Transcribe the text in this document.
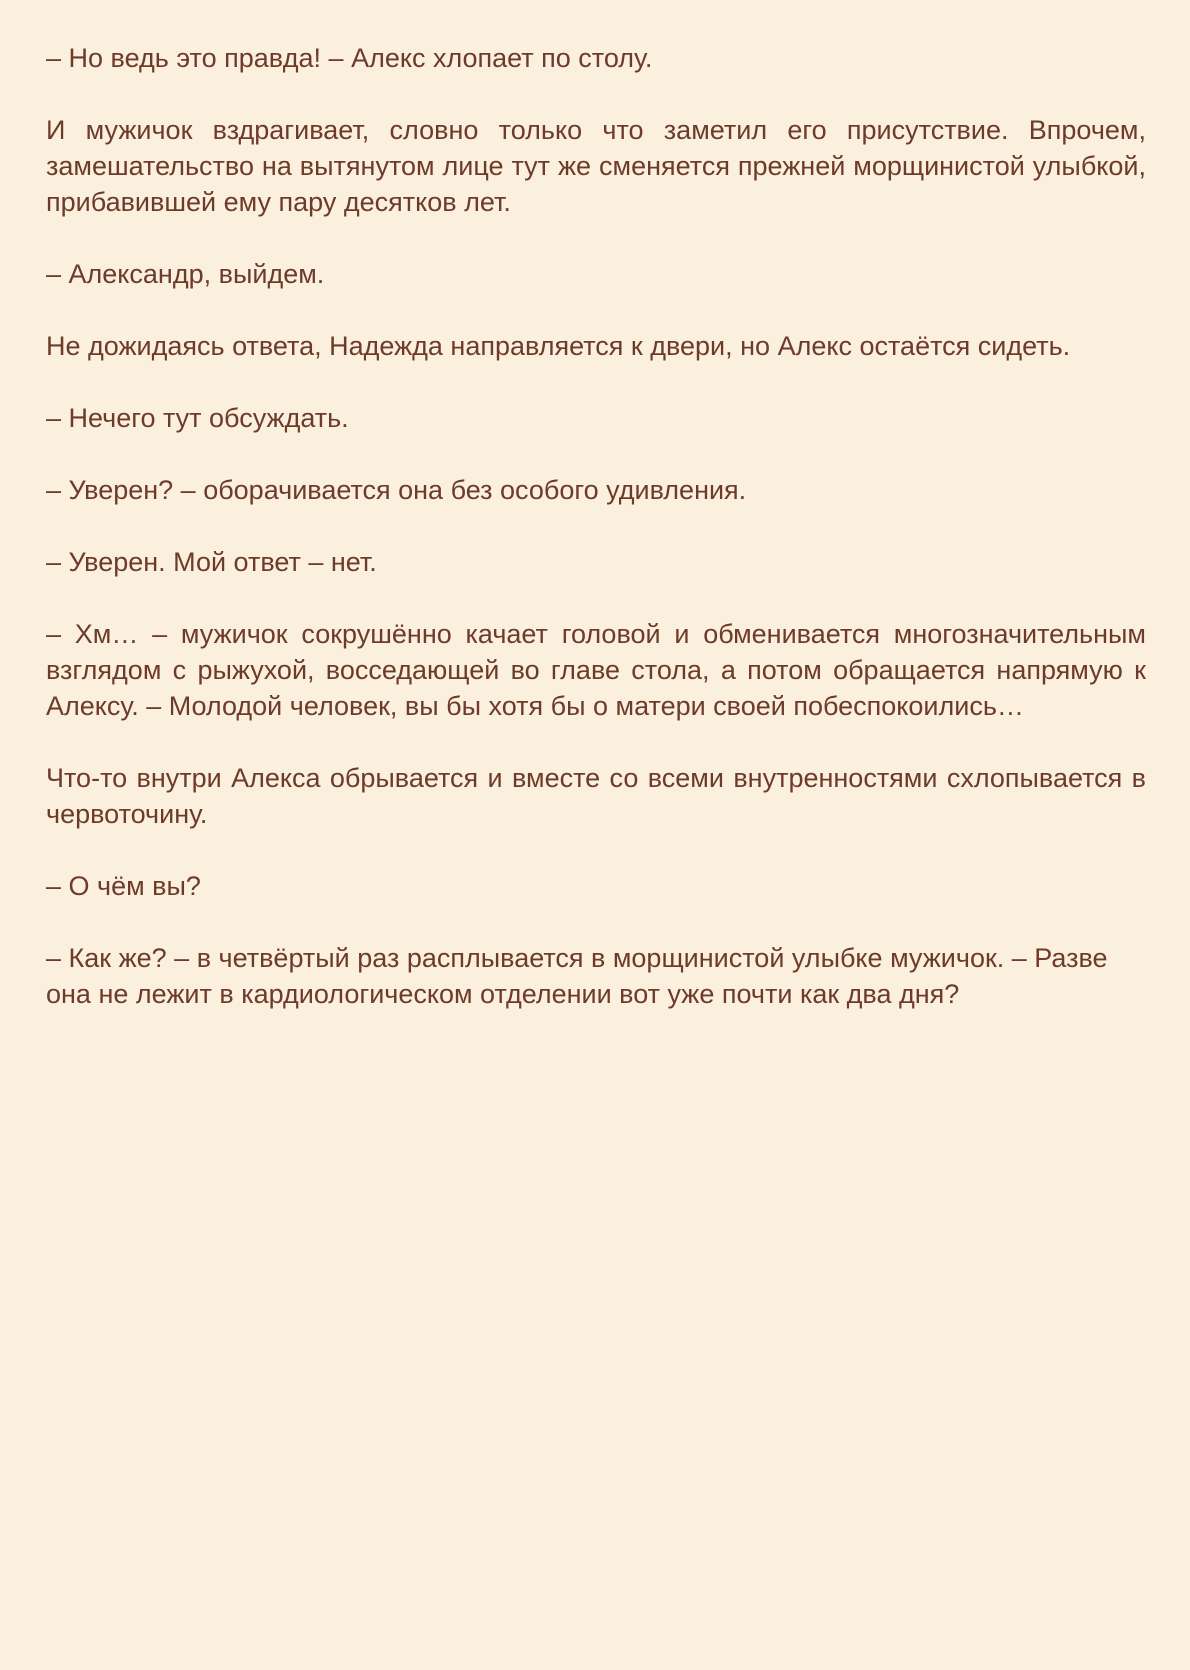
– Но ведь это правда! – Алекс хлопает по столу.

И мужичок вздрагивает, словно только что заметил его присутствие. Впрочем, замешательство на вытянутом лице тут же сменяется прежней морщинистой улыбкой, прибавившей ему пару десятков лет.

– Александр, выйдем.

Не дожидаясь ответа, Надежда направляется к двери, но Алекс остаётся сидеть.

– Нечего тут обсуждать.

– Уверен? – оборачивается она без особого удивления.

– Уверен. Мой ответ – нет.

– Хм… – мужичок сокрушённо качает головой и обменивается многозначительным взглядом с рыжухой, восседающей во главе стола, а потом обращается напрямую к Алексу. – Молодой человек, вы бы хотя бы о матери своей побеспокоились…

Что-то внутри Алекса обрывается и вместе со всеми внутренностями схлопывается в червоточину.

– О чём вы?

– Как же? – в четвёртый раз расплывается в морщинистой улыбке мужичок. – Разве она не лежит в кардиологическом отделении вот уже почти как два дня?
